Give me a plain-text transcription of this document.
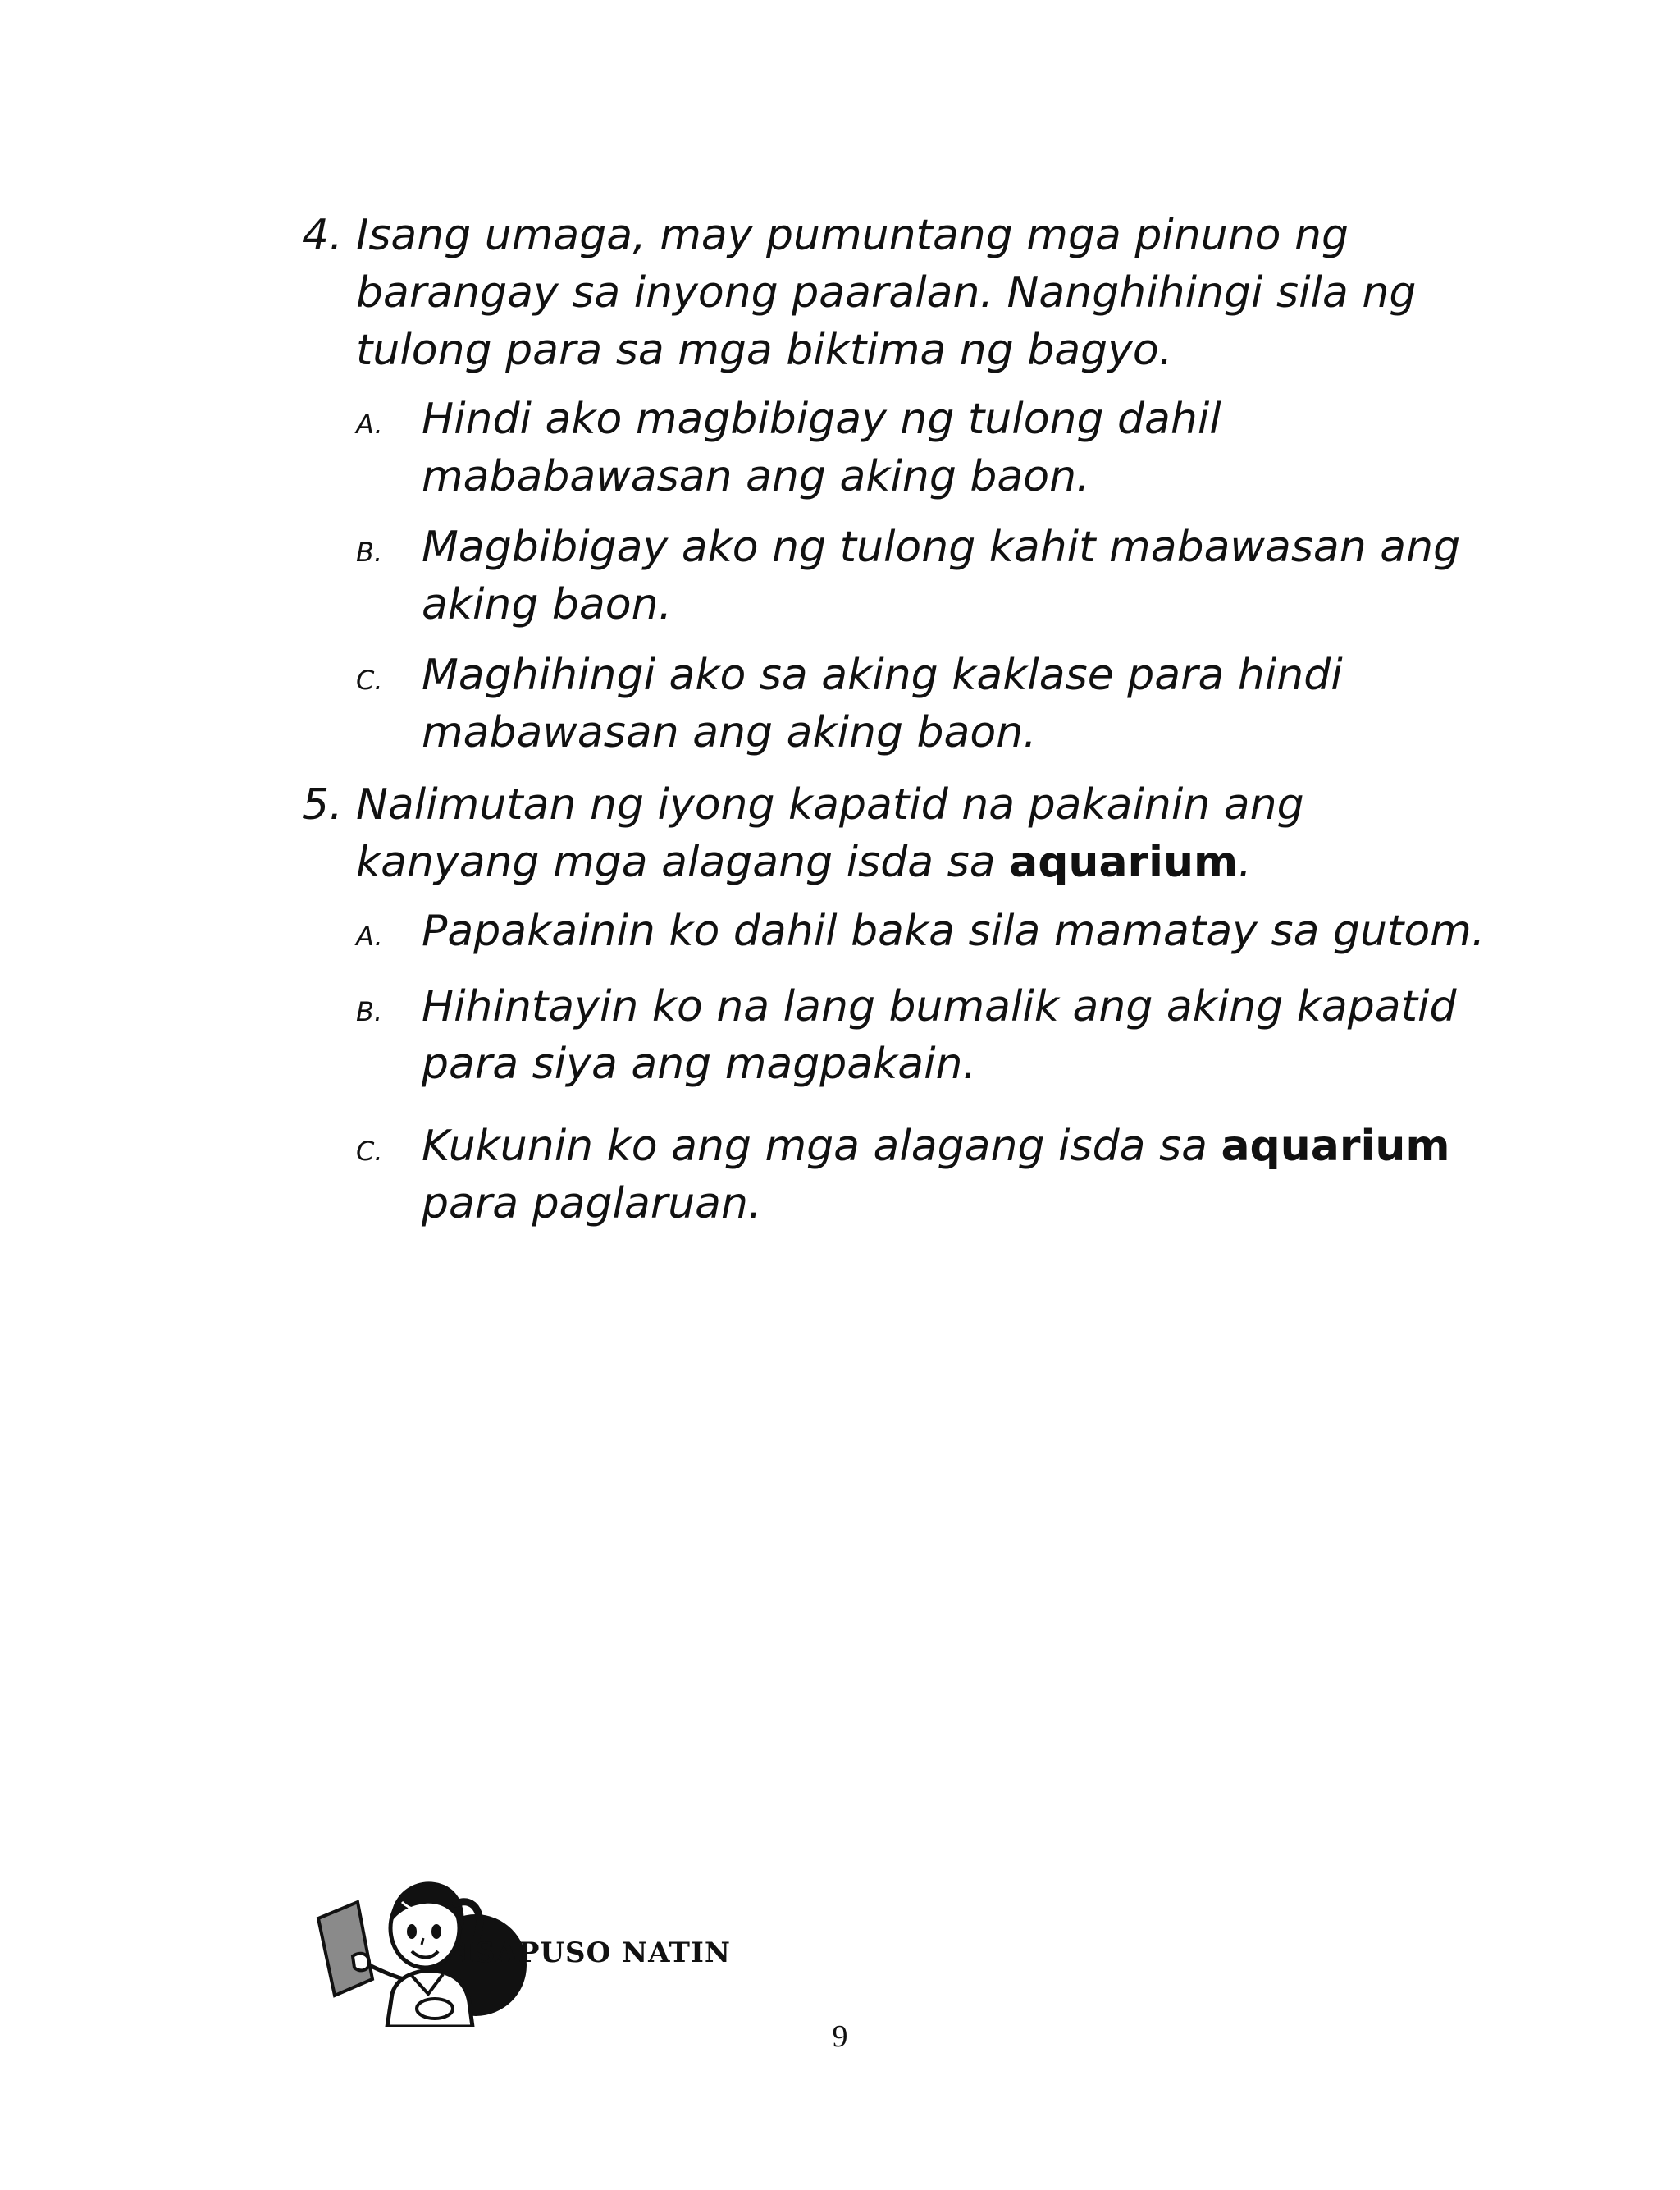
4. Isang umaga, may pumuntang mga pinuno ng barangay sa inyong paaralan. Nanghihingi sila ng tulong para sa mga biktima ng bagyo.
A. Hindi ako magbibigay ng tulong dahil mababawasan ang aking baon.
B. Magbibigay ako ng tulong kahit mabawasan ang aking baon.
C. Maghihingi ako sa aking kaklase para hindi mabawasan ang aking baon.
5. Nalimutan ng iyong kapatid na pakainin ang kanyang mga alagang isda sa aquarium.
A. Papakainin ko dahil baka sila mamatay sa gutom.
B. Hihintayin ko na lang bumalik ang aking kapatid para siya ang magpakain.
C. Kukunin ko ang mga alagang isda sa aquarium para paglaruan.
ISAPUSO NATIN
9
